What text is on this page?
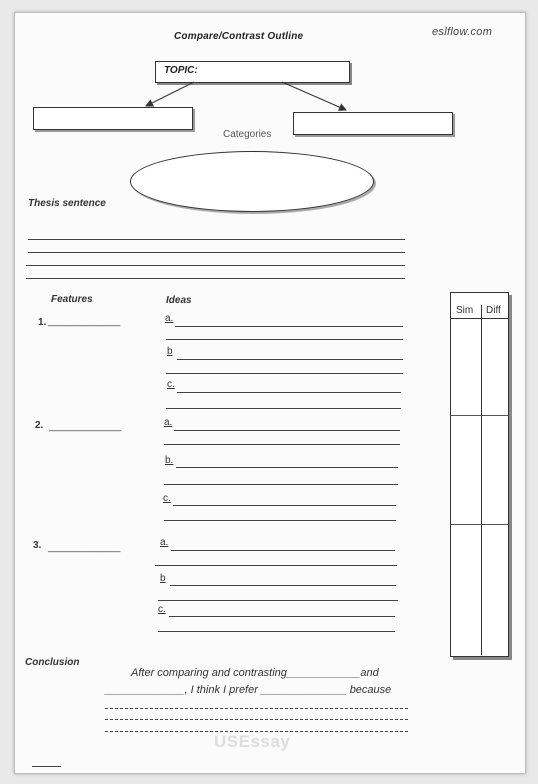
Compare/Contrast Outline	eslflow.com
TOPIC:
Categories
Thesis sentence
Features	Ideas
1. _____________	a.
b
c.
2. _____________	a.
b.
c.
3. _____________	a.
b
c.
Sim Diff
Conclusion
After comparing and contrasting____________and
_____________, I think I prefer ______________ because
USEssay
